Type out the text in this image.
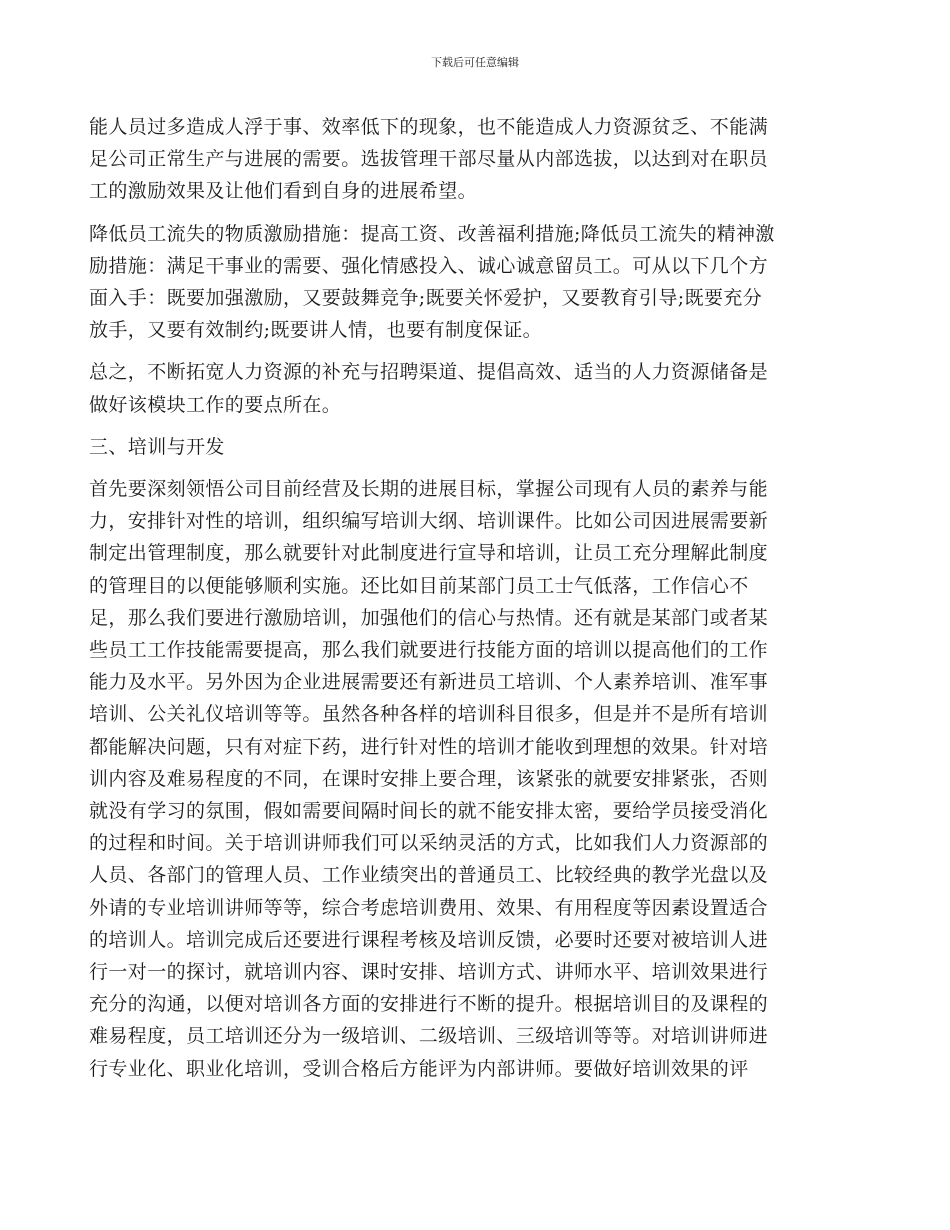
下载后可任意编辑
能人员过多造成人浮于事、效率低下的现象，也不能造成人力资源贫乏、不能满
足公司正常生产与进展的需要。选拔管理干部尽量从内部选拔，以达到对在职员
工的激励效果及让他们看到自身的进展希望。
降低员工流失的物质激励措施：提高工资、改善福利措施;降低员工流失的精神激
励措施：满足干事业的需要、强化情感投入、诚心诚意留员工。可从以下几个方
面入手：既要加强激励，又要鼓舞竞争;既要关怀爱护，又要教育引导;既要充分
放手，又要有效制约;既要讲人情，也要有制度保证。
总之，不断拓宽人力资源的补充与招聘渠道、提倡高效、适当的人力资源储备是
做好该模块工作的要点所在。
三、培训与开发
首先要深刻领悟公司目前经营及长期的进展目标，掌握公司现有人员的素养与能
力，安排针对性的培训，组织编写培训大纲、培训课件。比如公司因进展需要新
制定出管理制度，那么就要针对此制度进行宣导和培训，让员工充分理解此制度
的管理目的以便能够顺利实施。还比如目前某部门员工士气低落，工作信心不
足，那么我们要进行激励培训，加强他们的信心与热情。还有就是某部门或者某
些员工工作技能需要提高，那么我们就要进行技能方面的培训以提高他们的工作
能力及水平。另外因为企业进展需要还有新进员工培训、个人素养培训、准军事
培训、公关礼仪培训等等。虽然各种各样的培训科目很多，但是并不是所有培训
都能解决问题，只有对症下药，进行针对性的培训才能收到理想的效果。针对培
训内容及难易程度的不同，在课时安排上要合理，该紧张的就要安排紧张，否则
就没有学习的氛围，假如需要间隔时间长的就不能安排太密，要给学员接受消化
的过程和时间。关于培训讲师我们可以采纳灵活的方式，比如我们人力资源部的
人员、各部门的管理人员、工作业绩突出的普通员工、比较经典的教学光盘以及
外请的专业培训讲师等等，综合考虑培训费用、效果、有用程度等因素设置适合
的培训人。培训完成后还要进行课程考核及培训反馈，必要时还要对被培训人进
行一对一的探讨，就培训内容、课时安排、培训方式、讲师水平、培训效果进行
充分的沟通，以便对培训各方面的安排进行不断的提升。根据培训目的及课程的
难易程度，员工培训还分为一级培训、二级培训、三级培训等等。对培训讲师进
行专业化、职业化培训，受训合格后方能评为内部讲师。要做好培训效果的评
